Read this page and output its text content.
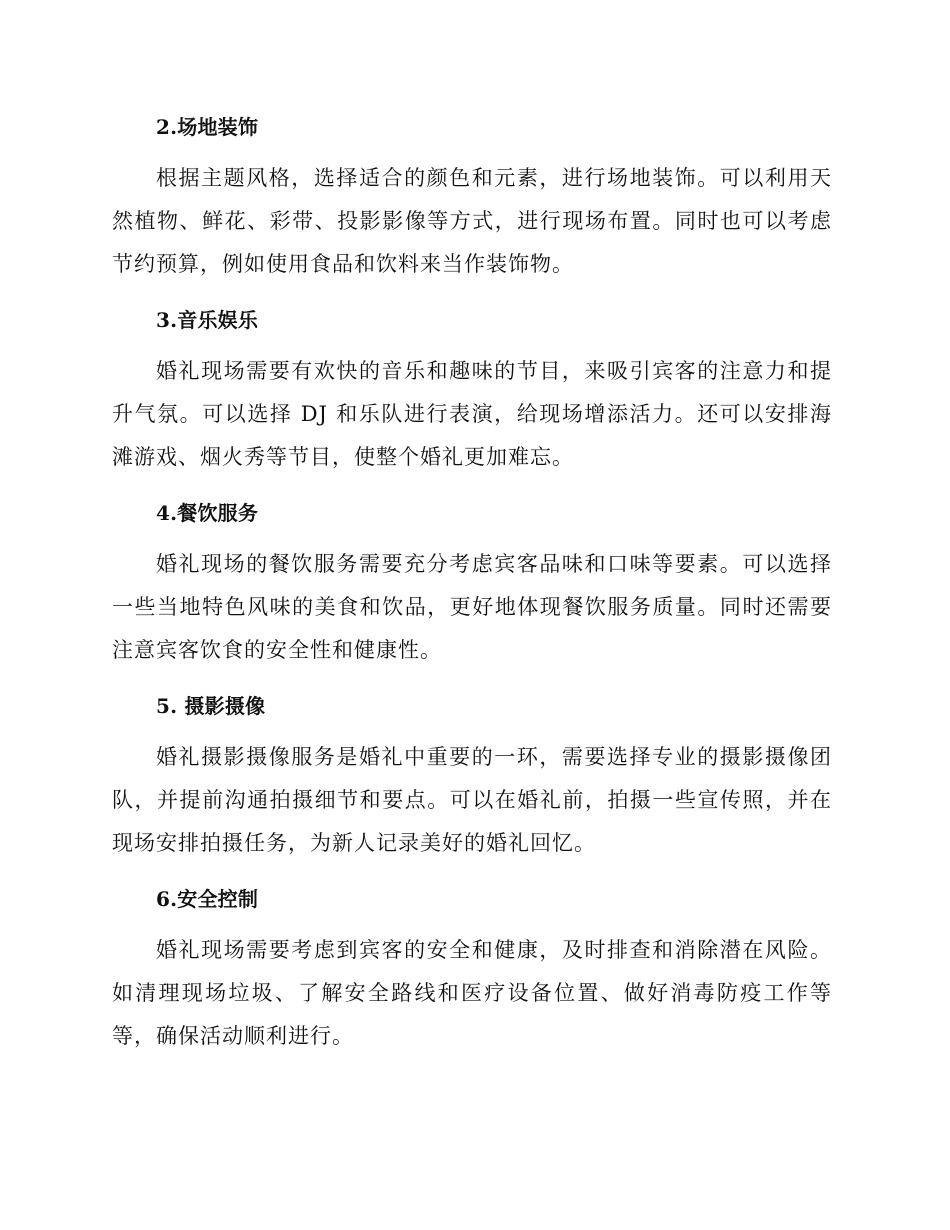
2.场地装饰

根据主题风格，选择适合的颜色和元素，进行场地装饰。可以利用天然植物、鲜花、彩带、投影影像等方式，进行现场布置。同时也可以考虑节约预算，例如使用食品和饮料来当作装饰物。

3.音乐娱乐

婚礼现场需要有欢快的音乐和趣味的节目，来吸引宾客的注意力和提升气氛。可以选择 DJ 和乐队进行表演，给现场增添活力。还可以安排海滩游戏、烟火秀等节目，使整个婚礼更加难忘。

4.餐饮服务

婚礼现场的餐饮服务需要充分考虑宾客品味和口味等要素。可以选择一些当地特色风味的美食和饮品，更好地体现餐饮服务质量。同时还需要注意宾客饮食的安全性和健康性。

5. 摄影摄像

婚礼摄影摄像服务是婚礼中重要的一环，需要选择专业的摄影摄像团队，并提前沟通拍摄细节和要点。可以在婚礼前，拍摄一些宣传照，并在现场安排拍摄任务，为新人记录美好的婚礼回忆。

6.安全控制

婚礼现场需要考虑到宾客的安全和健康，及时排查和消除潜在风险。如清理现场垃圾、了解安全路线和医疗设备位置、做好消毒防疫工作等等，确保活动顺利进行。
